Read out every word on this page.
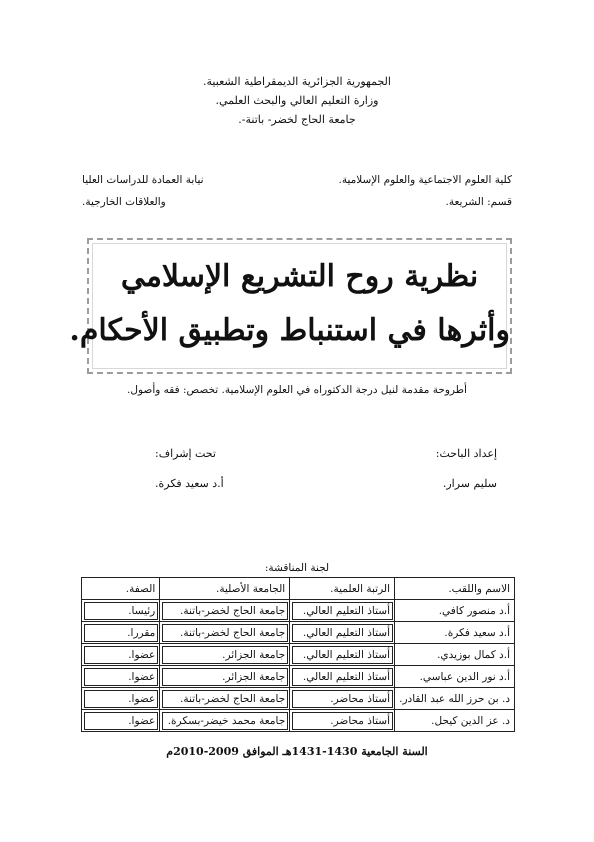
الجمهورية الجزائرية الديمقراطية الشعبية.
وزارة التعليم العالي والبحث العلمي.
جامعة الحاج لخضر- باتنة-.
كلية العلوم الاجتماعية والعلوم الإسلامية.
قسم: الشريعة.
نيابة العمادة للدراسات العليا
والعلاقات الخارجية.
نظرية روح التشريع الإسلامي
وأثرها في استنباط وتطبيق الأحكام.
أطروحة مقدمة لنيل درجة الدكتوراه في العلوم الإسلامية. تخصص: فقه وأصول.
إعداد الباحث:
سليم سرار.
تحت إشراف:
أ.د سعيد فكرة.
لجنة المناقشة:
الاسم واللقب.	الرتبة العلمية.	الجامعة الأصلية.	الصفة.
أ.د منصور كافي.	أستاذ التعليم العالي.	جامعة الحاج لخضر-باتنة.	رئيسا.
أ.د سعيد فكرة.	أستاذ التعليم العالي.	جامعة الحاج لخضر-باتنة.	مقررا.
أ.د كمال بوزيدي.	أستاذ التعليم العالي.	جامعة الجزائر.	عضوا.
أ.د نور الدين عباسي.	أستاذ التعليم العالي.	جامعة الجزائر.	عضوا.
د. بن حرز الله عبد القادر.	أستاذ محاضر.	جامعة الحاج لخضر-باتنة.	عضوا.
د. عز الدين كيحل.	أستاذ محاضر.	جامعة محمد خيضر-بسكرة.	عضوا.
السنة الجامعية 1430-1431هـ الموافق 2009-2010م
